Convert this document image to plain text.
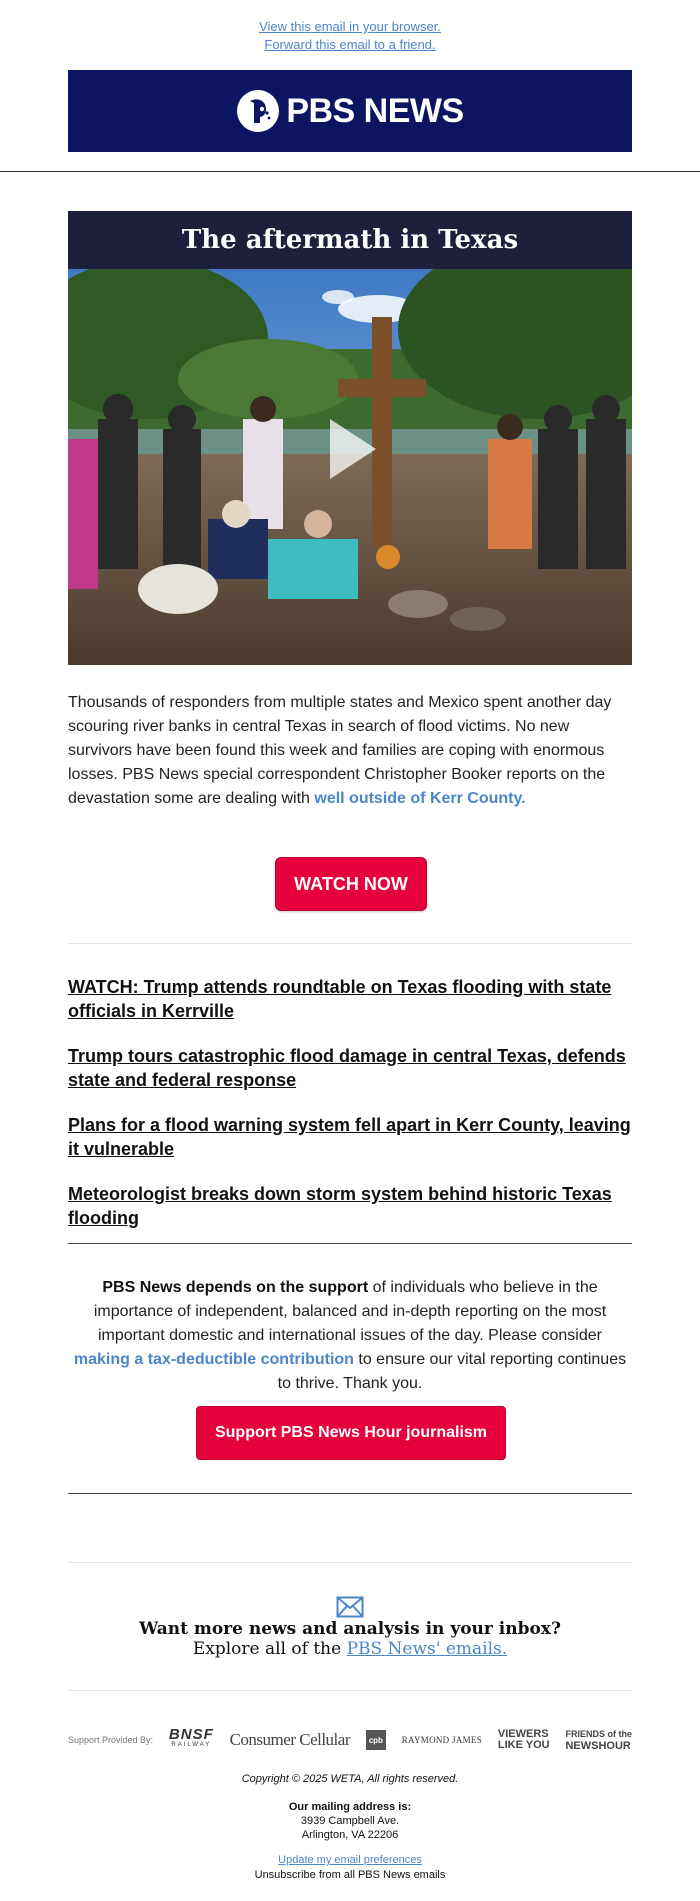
View this email in your browser.
Forward this email to a friend.
PBS NEWS
The aftermath in Texas

Thousands of responders from multiple states and Mexico spent another day scouring river banks in central Texas in search of flood victims. No new survivors have been found this week and families are coping with enormous losses. PBS News special correspondent Christopher Booker reports on the devastation some are dealing with well outside of Kerr County.

WATCH NOW
WATCH: Trump attends roundtable on Texas flooding with state officials in Kerrville
Trump tours catastrophic flood damage in central Texas, defends state and federal response
Plans for a flood warning system fell apart in Kerr County, leaving it vulnerable
Meteorologist breaks down storm system behind historic Texas flooding

PBS News depends on the support of individuals who believe in the importance of independent, balanced and in-depth reporting on the most important domestic and international issues of the day. Please consider making a tax-deductible contribution to ensure our vital reporting continues to thrive. Thank you.

Support PBS News Hour journalism
Want more news and analysis in your inbox?
Explore all of the PBS News' emails.
Support Provided By: BNSF
RAILWAY Consumer Cellular	cpb	RAYMOND JAMES VIEWERS
LIKE YOU
FRIENDS of the
NEWSHOUR
Copyright © 2025 WETA, All rights reserved.
Our mailing address is:
3939 Campbell Ave.
Arlington, VA 22206
Update my email preferences
Unsubscribe from all PBS News emails
